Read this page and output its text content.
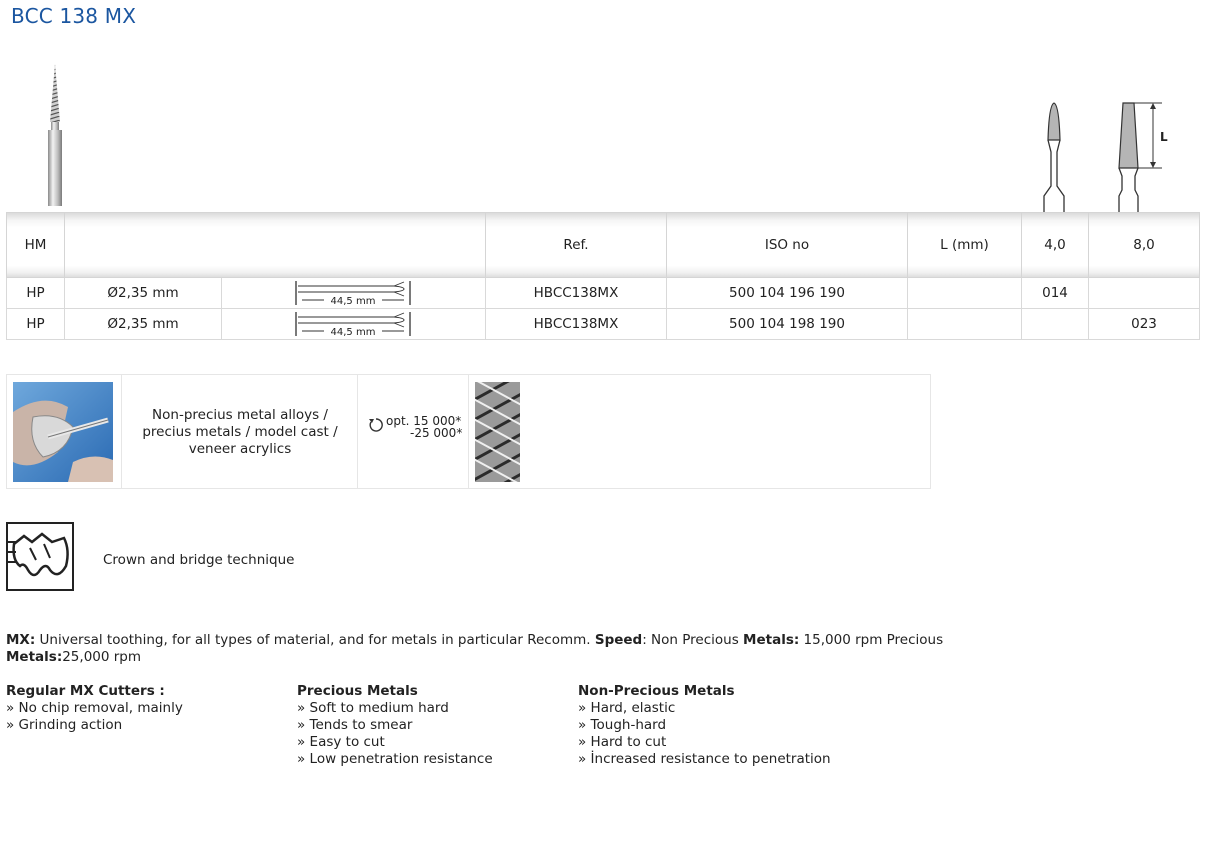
BCC 138 MX
L
HM			Ref.	ISO no	L (mm)	4,0	8,0
HP	Ø2,35 mm	44,5 mm	HBCC138MX	500 104 196 190		014	
HP	Ø2,35 mm	44,5 mm	HBCC138MX	500 104 198 190			023
Non-precius metal alloys /
precius metals / model cast /
veneer acrylics
opt. 15 000*
-25 000*
Crown and bridge technique
MX: Universal toothing, for all types of material, and for metals in particular Recomm. Speed: Non Precious Metals: 15,000 rpm Precious Metals:25,000 rpm
Regular MX Cutters :
» No chip removal, mainly
» Grinding action
Precious Metals
» Soft to medium hard
» Tends to smear
» Easy to cut
» Low penetration resistance
Non-Precious Metals
» Hard, elastic
» Tough-hard
» Hard to cut
» İncreased resistance to penetration
